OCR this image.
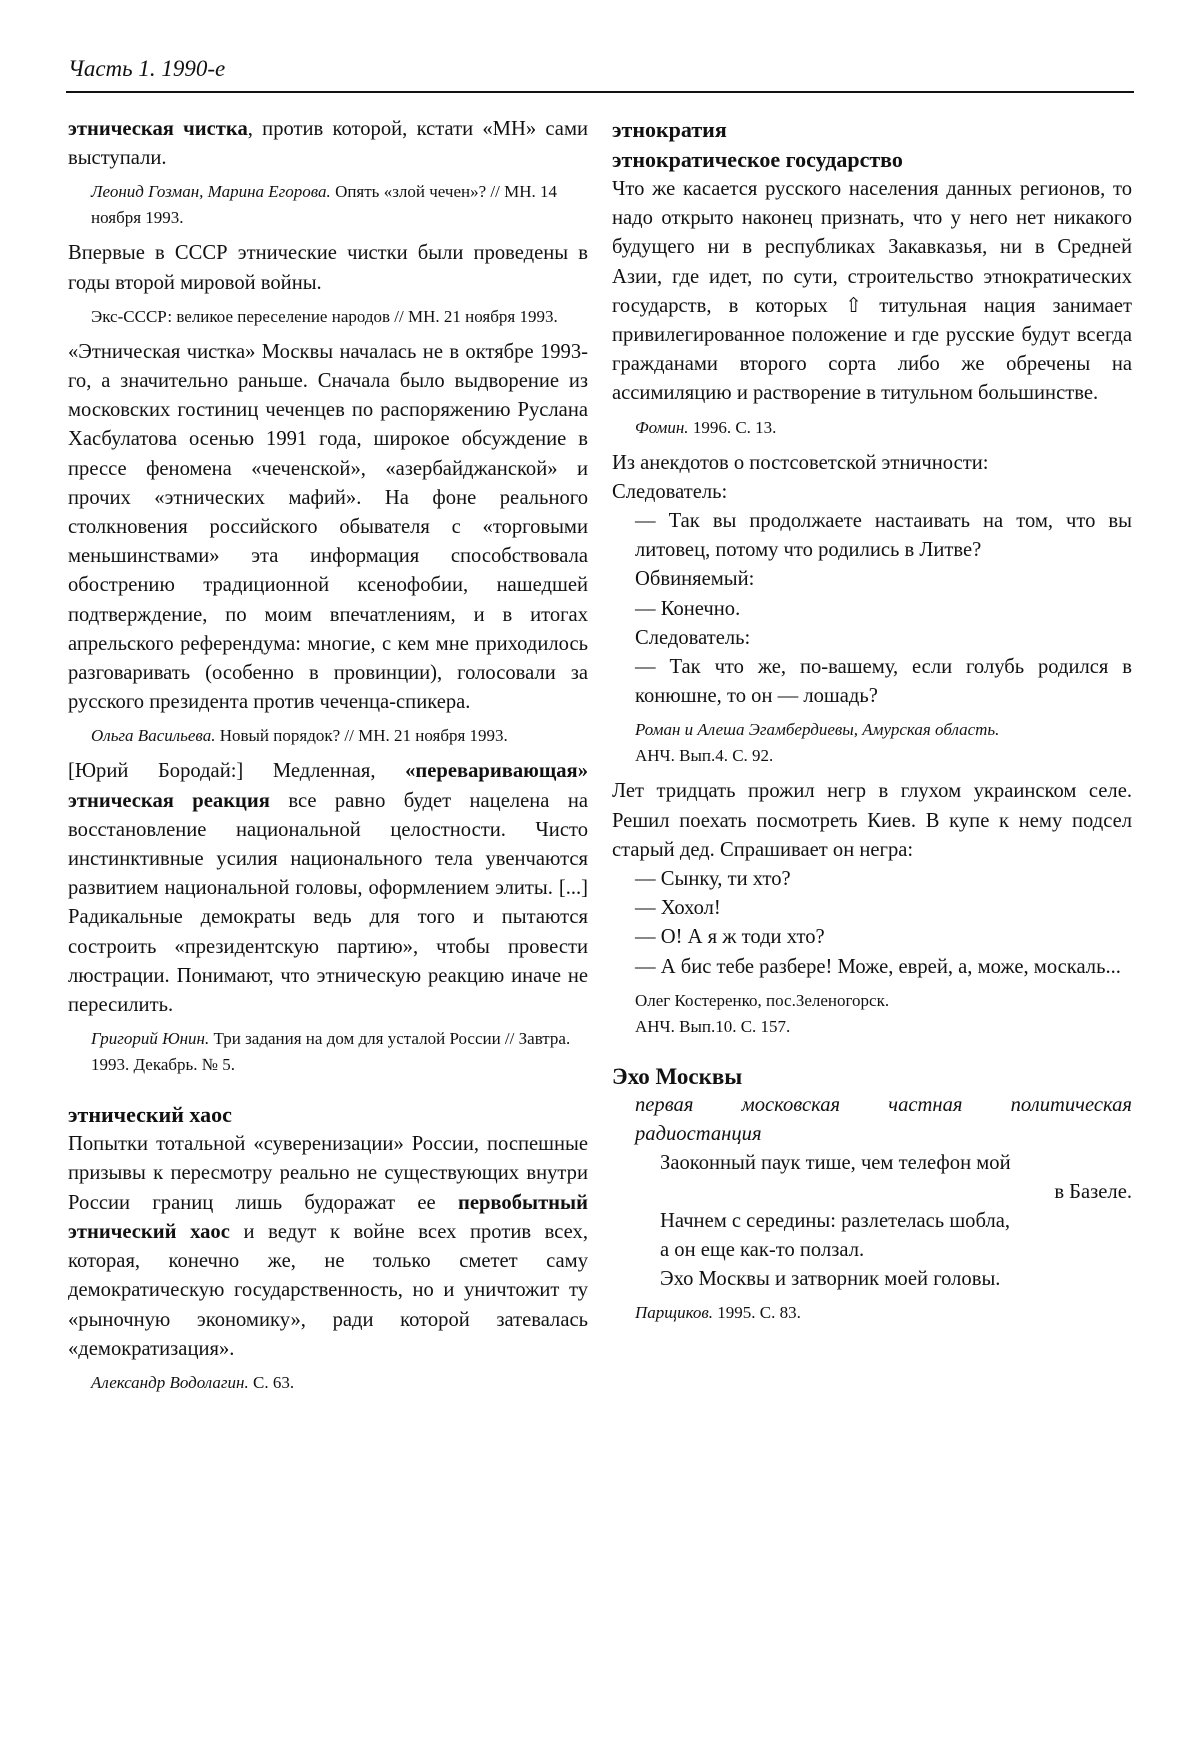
Часть 1. 1990-е

этническая чистка, против которой, кстати «МН» сами выступали.

Леонид Гозман, Марина Егорова. Опять «злой чечен»? // МН. 14 ноября 1993.

Впервые в СССР этнические чистки были проведены в годы второй мировой войны.

Экс-СССР: великое переселение народов // МН. 21 ноября 1993.

«Этническая чистка» Москвы началась не в октябре 1993-го, а значительно раньше. Сначала было выдворение из московских гостиниц чеченцев по распоряжению Руслана Хасбулатова осенью 1991 года, широкое обсуждение в прессе феномена «чеченской», «азербайджанской» и прочих «этнических мафий». На фоне реального столкновения российского обывателя с «торговыми меньшинствами» эта информация способствовала обострению традиционной ксенофобии, нашедшей подтверждение, по моим впечатлениям, и в итогах апрельского референдума: многие, с кем мне приходилось разговаривать (особенно в провинции), голосовали за русского президента против чеченца-спикера.

Ольга Васильева. Новый порядок? // МН. 21 ноября 1993.

[Юрий Бородай:] Медленная, «переваривающая» этническая реакция все равно будет нацелена на восстановление национальной целостности. Чисто инстинктивные усилия национального тела увенчаются развитием национальной головы, оформлением элиты. [...] Радикальные демократы ведь для того и пытаются состроить «президентскую партию», чтобы провести люстрации. Понимают, что этническую реакцию иначе не пересилить.

Григорий Юнин. Три задания на дом для усталой России // Завтра. 1993. Декабрь. № 5.

этнический хаос

Попытки тотальной «суверенизации» России, поспешные призывы к пересмотру реально не существующих внутри России границ лишь будоражат ее первобытный этнический хаос и ведут к войне всех против всех, которая, конечно же, не только сметет саму демократическую государственность, но и уничтожит ту «рыночную экономику», ради которой затевалась «демократизация».

Александр Водолагин. С. 63.

этнократия

этнократическое государство

Что же касается русского населения данных регионов, то надо открыто наконец признать, что у него нет никакого будущего ни в республиках Закавказья, ни в Средней Азии, где идет, по сути, строительство этнократических государств, в которых ⇧ титульная нация занимает привилегированное положение и где русские будут всегда гражданами второго сорта либо же обречены на ассимиляцию и растворение в титульном большинстве.

Фомин. 1996. С. 13.

Из анекдотов о постсоветской этничности:

Следователь:

— Так вы продолжаете настаивать на том, что вы литовец, потому что родились в Литве?

Обвиняемый:

— Конечно.

Следователь:

— Так что же, по-вашему, если голубь родился в конюшне, то он — лошадь?

Роман и Алеша Эгамбердиевы, Амурская область.
АНЧ. Вып.4. С. 92.

Лет тридцать прожил негр в глухом украинском селе. Решил поехать посмотреть Киев. В купе к нему подсел старый дед. Спрашивает он негра:

— Сынку, ти хто?

— Хохол!

— О! А я ж тоди хто?

— А бис тебе разбере! Може, еврей, а, може, москаль...

Олег Костеренко, пос.Зеленогорск.
АНЧ. Вып.10. С. 157.

Эхо Москвы

первая московская частная политическая радиостанция

Заоконный паук тише, чем телефон мой

в Базеле.

Начнем с середины: разлетелась шобла,

а он еще как-то ползал.

Эхо Москвы и затворник моей головы.

Парщиков. 1995. С. 83.
